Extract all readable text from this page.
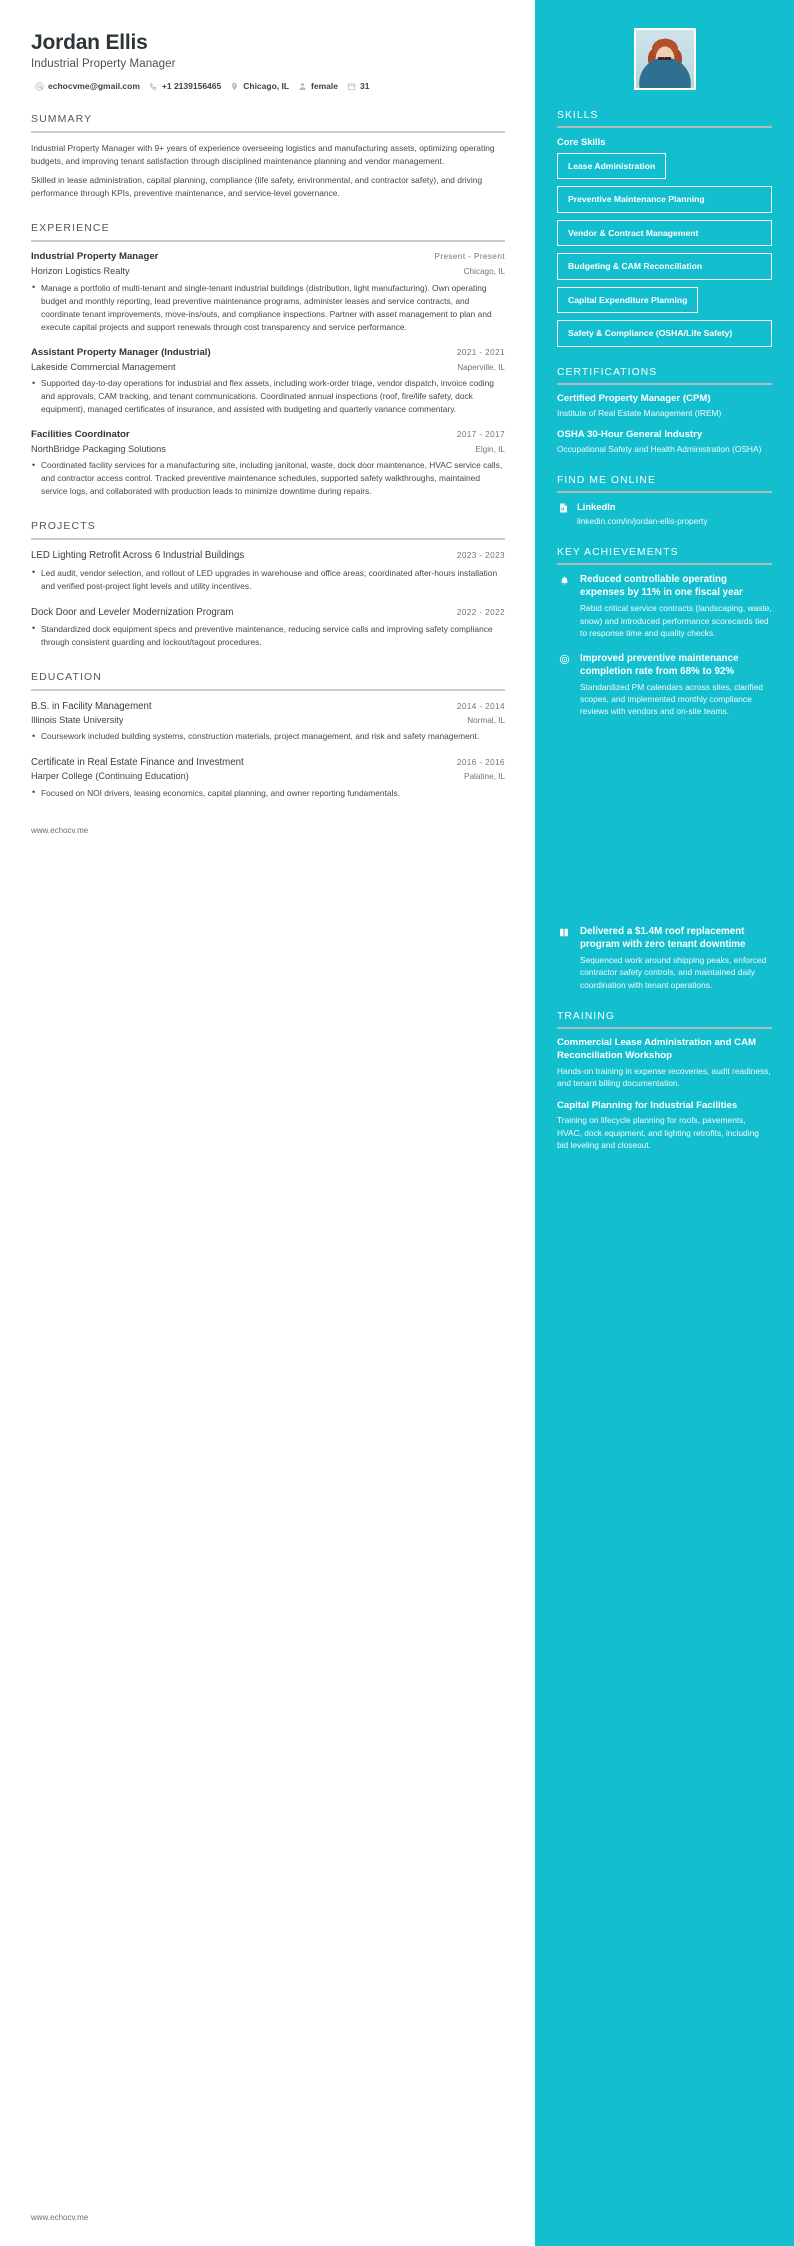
Jordan Ellis
Industrial Property Manager
echocvme@gmail.com	+1 2139156465	Chicago, IL	female	31
SUMMARY

Industrial Property Manager with 9+ years of experience overseeing logistics and manufacturing assets, optimizing operating budgets, and improving tenant satisfaction through disciplined maintenance planning and vendor management.

Skilled in lease administration, capital planning, compliance (life safety, environmental, and contractor safety), and driving performance through KPIs, preventive maintenance, and service-level governance.

EXPERIENCE
Industrial Property Manager	Present - Present
Horizon Logistics Realty	Chicago, IL
• Manage a portfolio of multi-tenant and single-tenant industrial buildings (distribution, light manufacturing). Own operating budget and monthly reporting, lead preventive maintenance programs, administer leases and service contracts, and coordinate tenant improvements, move-ins/outs, and compliance inspections. Partner with asset management to plan and execute capital projects and support renewals through cost transparency and service performance.
Assistant Property Manager (Industrial)	2021 - 2021
Lakeside Commercial Management	Naperville, IL
• Supported day-to-day operations for industrial and flex assets, including work-order triage, vendor dispatch, invoice coding and approvals, CAM tracking, and tenant communications. Coordinated annual inspections (roof, fire/life safety, dock equipment), managed certificates of insurance, and assisted with budgeting and quarterly variance commentary.
Facilities Coordinator	2017 - 2017
NorthBridge Packaging Solutions	Elgin, IL
• Coordinated facility services for a manufacturing site, including janitorial, waste, dock door maintenance, HVAC service calls, and contractor access control. Tracked preventive maintenance schedules, supported safety walkthroughs, maintained service logs, and collaborated with production leads to minimize downtime during repairs.
PROJECTS
LED Lighting Retrofit Across 6 Industrial Buildings	2023 - 2023
• Led audit, vendor selection, and rollout of LED upgrades in warehouse and office areas; coordinated after-hours installation and verified post-project light levels and utility incentives.
Dock Door and Leveler Modernization Program	2022 - 2022
• Standardized dock equipment specs and preventive maintenance, reducing service calls and improving safety compliance through consistent guarding and lockout/tagout procedures.
EDUCATION
B.S. in Facility Management	2014 - 2014
Illinois State University	Normal, IL
• Coursework included building systems, construction materials, project management, and risk and safety management.
Certificate in Real Estate Finance and Investment	2016 - 2016
Harper College (Continuing Education)	Palatine, IL
• Focused on NOI drivers, leasing economics, capital planning, and owner reporting fundamentals.
www.echocv.me
www.echocv.me
SKILLS
Core Skills
Lease Administration
Preventive Maintenance Planning
Vendor & Contract Management
Budgeting & CAM Reconciliation
Capital Expenditure Planning
Safety & Compliance (OSHA/Life Safety)
CERTIFICATIONS
Certified Property Manager (CPM)
Institute of Real Estate Management (IREM)
OSHA 30-Hour General Industry
Occupational Safety and Health Administration (OSHA)
FIND ME ONLINE
LinkedIn
linkedin.com/in/jordan-ellis-property
KEY ACHIEVEMENTS
Reduced controllable operating expenses by 11% in one fiscal year
Rebid critical service contracts (landscaping, waste, snow) and introduced performance scorecards tied to response time and quality checks.
Improved preventive maintenance completion rate from 68% to 92%
Standardized PM calendars across sites, clarified scopes, and implemented monthly compliance reviews with vendors and on-site teams.
Delivered a $1.4M roof replacement program with zero tenant downtime
Sequenced work around shipping peaks, enforced contractor safety controls, and maintained daily coordination with tenant operations.
TRAINING
Commercial Lease Administration and CAM Reconciliation Workshop
Hands-on training in expense recoveries, audit readiness, and tenant billing documentation.
Capital Planning for Industrial Facilities
Training on lifecycle planning for roofs, pavements, HVAC, dock equipment, and lighting retrofits, including bid leveling and closeout.
